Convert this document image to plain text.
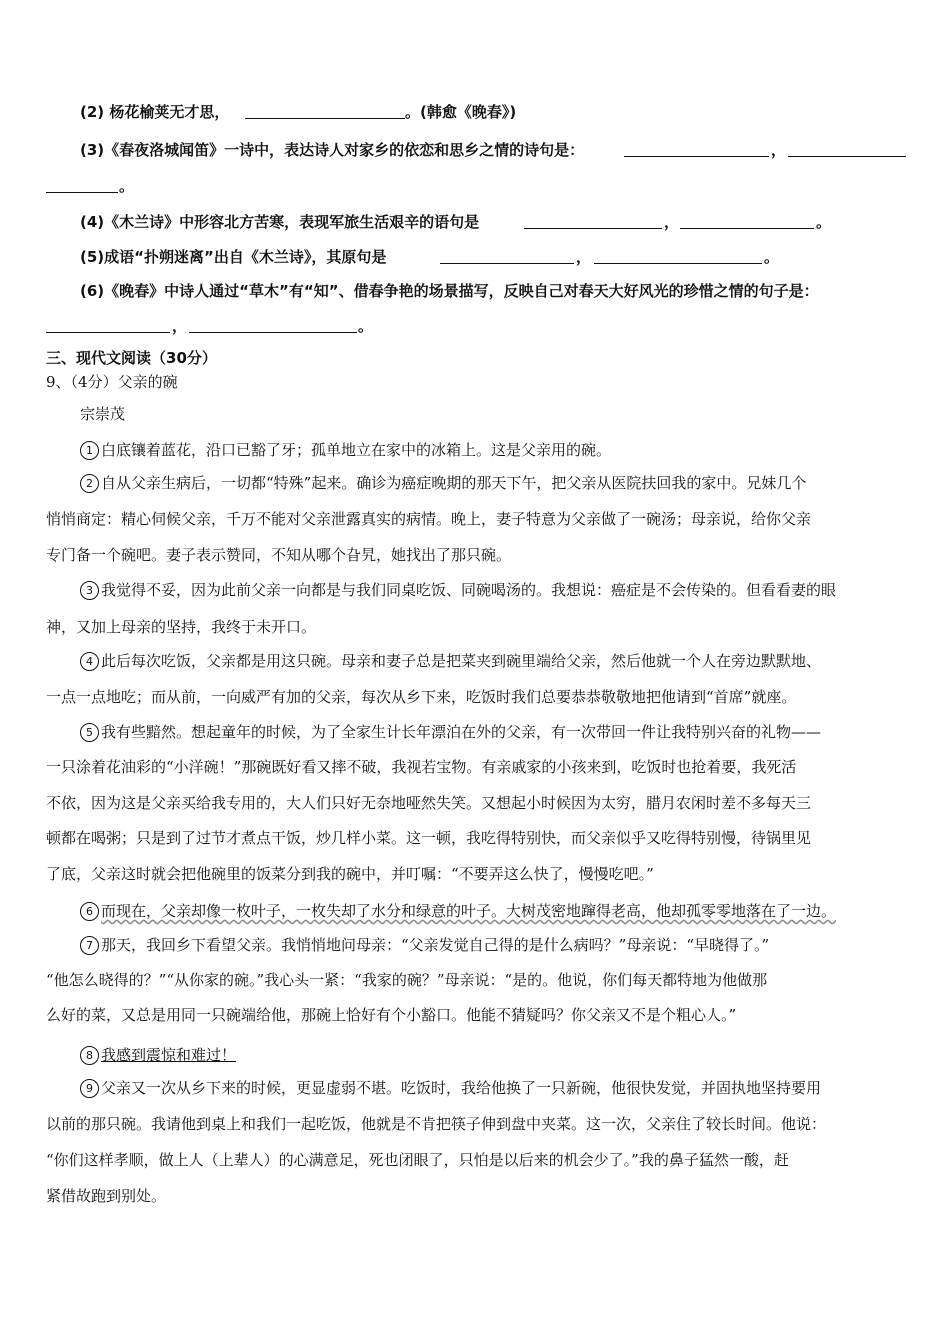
(2) 杨花榆荚无才思，	。(韩愈《晚春》)
(3)《春夜洛城闻笛》一诗中，表达诗人对家乡的依恋和思乡之情的诗句是：	，
。
(4)《木兰诗》中形容北方苦寒，表现军旅生活艰辛的语句是	，	。
(5)成语“扑朔迷离”出自《木兰诗》，其原句是	，	。
(6)《晚春》中诗人通过“草木”有“知”、借春争艳的场景描写，反映自己对春天大好风光的珍惜之情的句子是：
，	。
三、现代文阅读（30分）
9、（4分）父亲的碗
宗崇茂
1 白底镶着蓝花，沿口已豁了牙；孤单地立在家中的冰箱上。这是父亲用的碗。
2 自从父亲生病后，一切都“特殊”起来。确诊为癌症晚期的那天下午，把父亲从医院扶回我的家中。兄妹几个
悄悄商定：精心伺候父亲，千万不能对父亲泄露真实的病情。晚上，妻子特意为父亲做了一碗汤；母亲说，给你父亲
专门备一个碗吧。妻子表示赞同，不知从哪个旮旯，她找出了那只碗。
3 我觉得不妥，因为此前父亲一向都是与我们同桌吃饭、同碗喝汤的。我想说：癌症是不会传染的。但看看妻的眼
神，又加上母亲的坚持，我终于未开口。
4 此后每次吃饭，父亲都是用这只碗。母亲和妻子总是把菜夹到碗里端给父亲，然后他就一个人在旁边默默地、
一点一点地吃；而从前，一向威严有加的父亲，每次从乡下来，吃饭时我们总要恭恭敬敬地把他请到“首席”就座。
5 我有些黯然。想起童年的时候，为了全家生计长年漂泊在外的父亲，有一次带回一件让我特别兴奋的礼物——
一只涂着花油彩的“小洋碗！”那碗既好看又摔不破，我视若宝物。有亲戚家的小孩来到，吃饭时也抢着要，我死活
不依，因为这是父亲买给我专用的，大人们只好无奈地哑然失笑。又想起小时候因为太穷，腊月农闲时差不多每天三
顿都在喝粥；只是到了过节才煮点干饭，炒几样小菜。这一顿，我吃得特别快，而父亲似乎又吃得特别慢，待锅里见
了底，父亲这时就会把他碗里的饭菜分到我的碗中，并叮嘱：“不要弄这么快了，慢慢吃吧。”
6 而现在，父亲却像一枚叶子，一枚失却了水分和绿意的叶子。大树茂密地蹿得老高，他却孤零零地落在了一边。
7 那天，我回乡下看望父亲。我悄悄地问母亲：“父亲发觉自己得的是什么病吗？”母亲说：“早晓得了。”
“他怎么晓得的？”“从你家的碗。”我心头一紧：“我家的碗？”母亲说：“是的。他说，你们每天都特地为他做那
么好的菜，又总是用同一只碗端给他，那碗上恰好有个小豁口。他能不猜疑吗？你父亲又不是个粗心人。”
8 我感到震惊和难过！
9 父亲又一次从乡下来的时候，更显虚弱不堪。吃饭时，我给他换了一只新碗，他很快发觉，并固执地坚持要用
以前的那只碗。我请他到桌上和我们一起吃饭，他就是不肯把筷子伸到盘中夹菜。这一次，父亲住了较长时间。他说：
“你们这样孝顺，做上人（上辈人）的心满意足，死也闭眼了，只怕是以后来的机会少了。”我的鼻子猛然一酸，赶
紧借故跑到别处。
